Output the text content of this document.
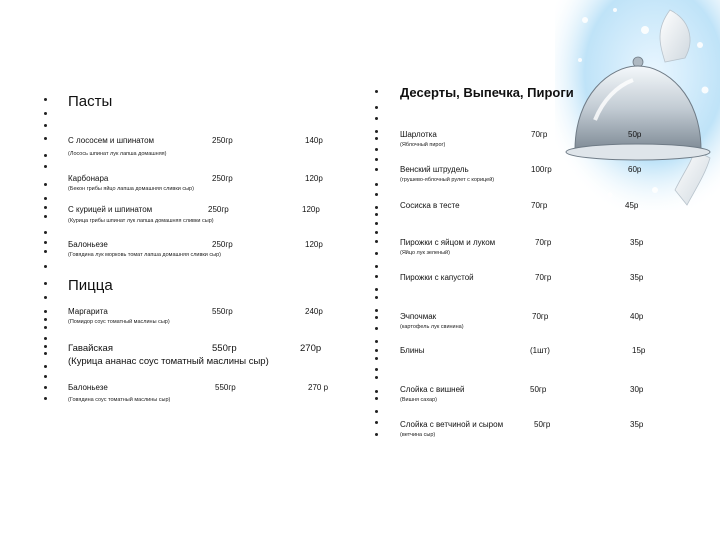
Пасты
С лососем и шпинатом	250гр	140р
(Лосось шпинат лук лапша домашняя)
Карбонара	250гр	120р
(Бекон грибы яйцо лапша домашняя сливки сыр)
С курицей и шпинатом	250гр	120р
(Курица грибы шпинат лук лапша домашняя сливки сыр)
Балоньезе	250гр	120р
(Говядина лук морковь томат лапша домашняя сливки сыр)
Пицца
Маргарита	550гр	240р
(Помидор соус томатный маслины сыр)
Гавайская	550гр	270р
(Курица ананас соус томатный маслины сыр)
Балоньезе	550гр	270 р
(Говядина соус томатный маслины сыр)
Десерты, Выпечка, Пироги
Шарлотка	70гр	50р
(Яблочный пирог)
Венский штрудель	100гр	60р
(грушево-яблочный рулет с корицей)
Сосиска в тесте	70гр	45р
Пирожки с яйцом и луком	70гр	35р
(Яйцо лук зеленый)
Пирожки с капустой	70гр	35р
Эчпочмак	70гр	40р
(картофель лук свинина)
Блины	(1шт)	15р
Слойка с вишней	50гр	30р
(Вишня сахар)
Слойка с ветчиной и сыром	50гр	35р
(ветчина сыр)
